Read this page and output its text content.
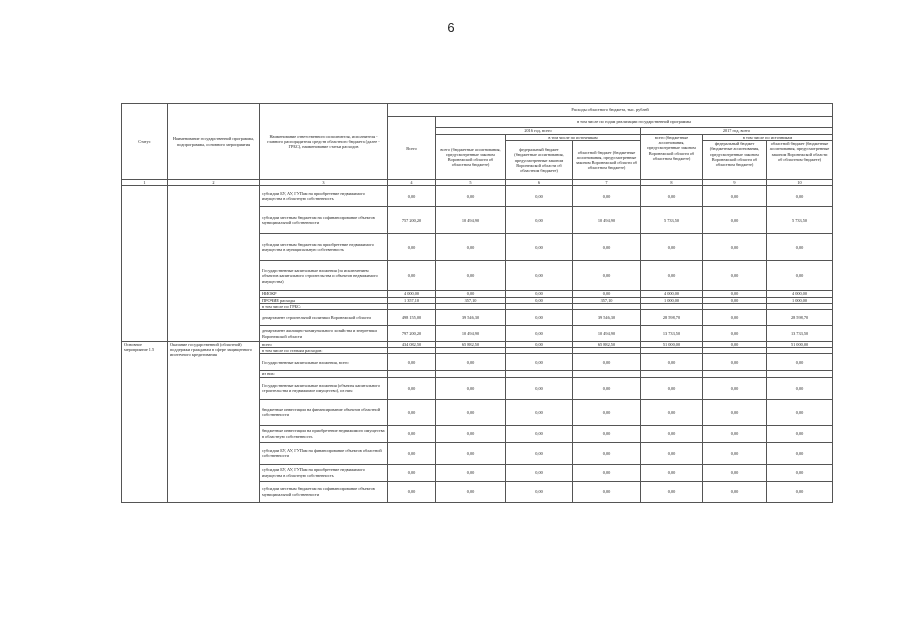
6
Статус	Наименование государственной программы, подпрограммы, основного мероприятия	Наименование ответственного исполнителя, исполнителя - главного распорядителя средств областного бюджета (далее - ГРБС), наименование статьи расходов	Расходы областного бюджета, тыс. рублей						
			Всего	в том числе по годам реализации государственной программы					
				2016 год, всего			2017 год, всего		
				всего (бюджетные ассигнования, предусмотренные законом Воронежской области об областном бюджете)	в том числе по источникам		всего (бюджетные ассигнования, предусмотренные законом Воронежской области об областном бюджете)	в том числе по источникам	
					федеральный бюджет (бюджетные ассигнования, предусмотренные законом Воронежской области об областном бюджете)	областной бюджет (бюджетные ассигнования, предусмотренные законом Воронежской области об областном бюджете)		федеральный бюджет (бюджетные ассигнования, предусмотренные законом Воронежской области об областном бюджете)	областной бюджет (бюджетные ассигнования, предусмотренные законом Воронежской области об областном бюджете)
1	2	3	4	5	6	7	8	9	10
		субсидии БУ, АУ, ГУПам на приобретение недвижимого имущества в областную собственность	0,00	0,00	0,00	0,00	0,00	0,00	0,00
		субсидии местным бюджетам на софинансирование объектов муниципальной собственности	757 200,20	10 494,90	0,00	10 494,90	5 733,50	0,00	5 733,50
		субсидии местным бюджетам на приобретение недвижимого имущества в муниципальную собственность	0,00	0,00	0,00	0,00	0,00	0,00	0,00
		Государственные капитальные вложения (за исключением объектов капитального строительства и объектов недвижимого имущества)	0,00	0,00	0,00	0,00	0,00	0,00	0,00
		НИОКР	4 000,00	0,00	0,00	0,00	4 000,00	0,00	4 000,00
		ПРОЧИЕ расходы	1 357,10	357,10	0,00	357,10	1 000,00	0,00	1 000,00
		в том числе по ГРБС:							
		департамент строительной политики Воронежской области	498 155,00	39 546,30	0,00	39 546,30	28 598,70	0,00	28 598,70
		департамент жилищно-коммунального хозяйства и энергетики Воронежской области	797 200,20	10 494,90	0,00	10 494,90	13 733,50	0,00	13 733,50
Основное мероприятие 1.5	Оказание государственной (областной) поддержки гражданам в сфере защищенного ипотечного кредитования	всего	434 082,50	65 882,50	0,00	65 882,50	51 000,00	0,00	51 000,00
		в том числе по статьям расходов:							
		Государственные капитальные вложения, всего	0,00	0,00	0,00	0,00	0,00	0,00	0,00
		из них:							
		Государственные капитальные вложения (объекты капитального строительства и недвижимое имущество), из них:	0,00	0,00	0,00	0,00	0,00	0,00	0,00
		бюджетные инвестиции на финансирование объектов областной собственности	0,00	0,00	0,00	0,00	0,00	0,00	0,00
		бюджетные инвестиции на приобретение недвижимого имущества в областную собственность	0,00	0,00	0,00	0,00	0,00	0,00	0,00
		субсидии БУ, АУ, ГУПам на финансирование объектов областной собственности	0,00	0,00	0,00	0,00	0,00	0,00	0,00
		субсидии БУ, АУ, ГУПам на приобретение недвижимого имущества в областную собственность	0,00	0,00	0,00	0,00	0,00	0,00	0,00
		субсидии местным бюджетам на софинансирование объектов муниципальной собственности	0,00	0,00	0,00	0,00	0,00	0,00	0,00
